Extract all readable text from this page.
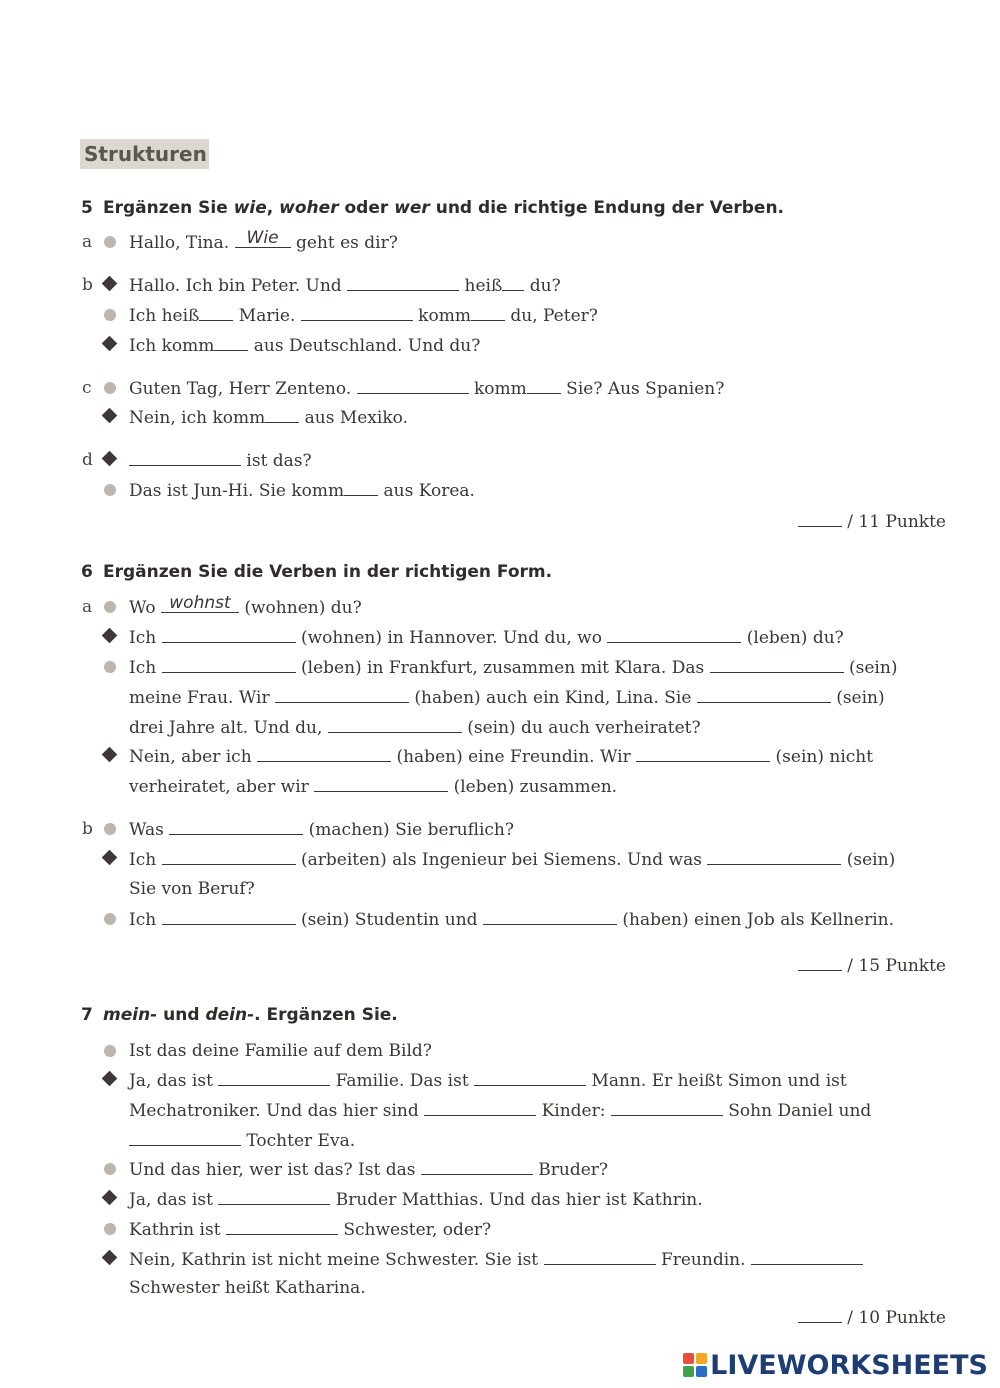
Strukturen
5 Ergänzen Sie wie, woher oder wer und die richtige Endung der Verben.
a Hallo, Tina. Wie geht es dir?
b Hallo. Ich bin Peter. Und	heiß du?
Ich heiß Marie.	komm du, Peter?
Ich komm aus Deutschland. Und du?
c Guten Tag, Herr Zenteno.	komm Sie? Aus Spanien?
Nein, ich komm aus Mexiko.
d	ist das?
Das ist Jun-Hi. Sie komm aus Korea.
/ 11 Punkte
6 Ergänzen Sie die Verben in der richtigen Form.
a Wo wohnst (wohnen) du?
Ich	(wohnen) in Hannover. Und du, wo	(leben) du?
Ich	(leben) in Frankfurt, zusammen mit Klara. Das	(sein)
meine Frau. Wir	(haben) auch ein Kind, Lina. Sie	(sein)
drei Jahre alt. Und du,	(sein) du auch verheiratet?
Nein, aber ich	(haben) eine Freundin. Wir	(sein) nicht
verheiratet, aber wir	(leben) zusammen.
b Was	(machen) Sie beruflich?
Ich	(arbeiten) als Ingenieur bei Siemens. Und was	(sein)
Sie von Beruf?
Ich	(sein) Studentin und	(haben) einen Job als Kellnerin.
/ 15 Punkte
7 mein- und dein-. Ergänzen Sie.
Ist das deine Familie auf dem Bild?
Ja, das ist	Familie. Das ist	Mann. Er heißt Simon und ist
Mechatroniker. Und das hier sind	Kinder:	Sohn Daniel und
Tochter Eva.
Und das hier, wer ist das? Ist das	Bruder?
Ja, das ist	Bruder Matthias. Und das hier ist Kathrin.
Kathrin ist	Schwester, oder?
Nein, Kathrin ist nicht meine Schwester. Sie ist	Freundin.
Schwester heißt Katharina.
/ 10 Punkte
LIVEWORKSHEETS
